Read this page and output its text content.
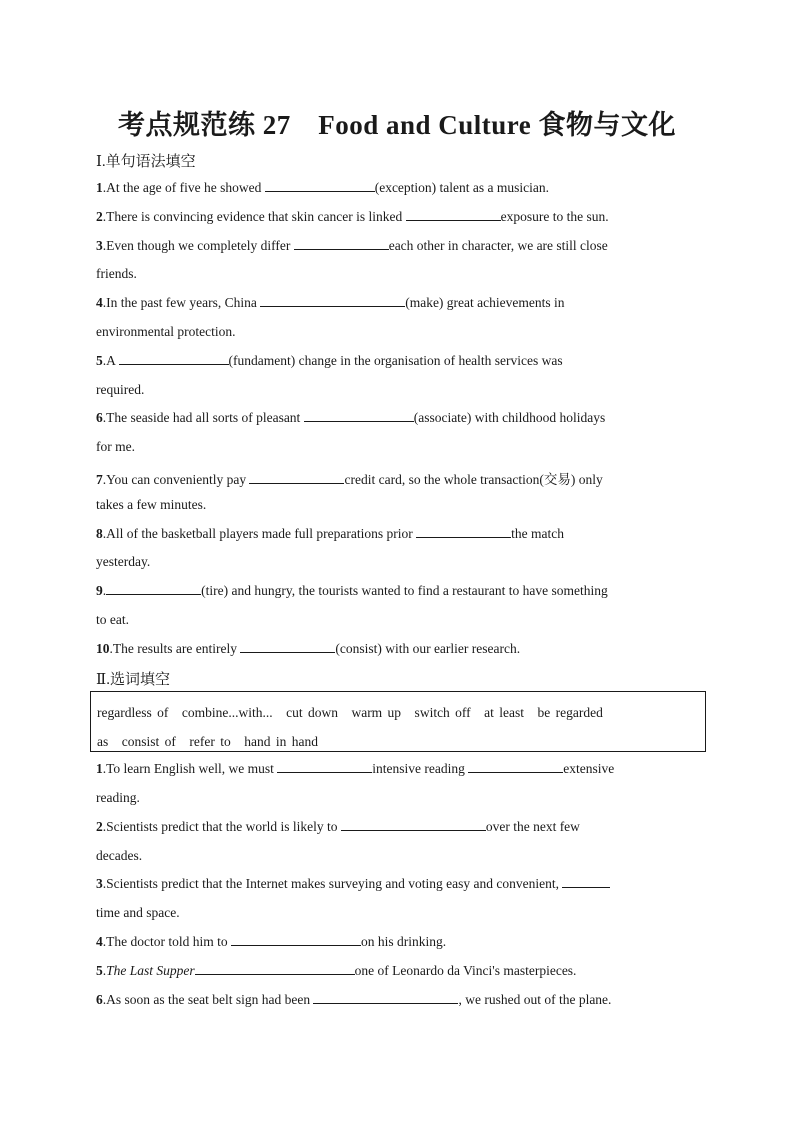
考点规范练 27　Food and Culture 食物与文化
Ⅰ.单句语法填空
1.At the age of five he showed	(exception) talent as a musician.
2.There is convincing evidence that skin cancer is linked	exposure to the sun.
3.Even though we completely differ	each other in character, we are still close
friends.
4.In the past few years, China	(make) great achievements in
environmental protection.
5.A	(fundament) change in the organisation of health services was
required.
6.The seaside had all sorts of pleasant	(associate) with childhood holidays
for me.
7.You can conveniently pay	credit card, so the whole transaction(交易) only
takes a few minutes.
8.All of the basketball players made full preparations prior	the match
yesterday.
9.	(tire) and hungry, the tourists wanted to find a restaurant to have something
to eat.
10.The results are entirely	(consist) with our earlier research.
Ⅱ.选词填空
regardless of　combine...with...　cut down　warm up　switch off　at least　be regarded
as　consist of　refer to　hand in hand
1.To learn English well, we must	intensive reading	extensive
reading.
2.Scientists predict that the world is likely to	over the next few
decades.
3.Scientists predict that the Internet makes surveying and voting easy and convenient,
time and space.
4.The doctor told him to	on his drinking.
5.The Last Supper	one of Leonardo da Vinci's masterpieces.
6.As soon as the seat belt sign had been	, we rushed out of the plane.
